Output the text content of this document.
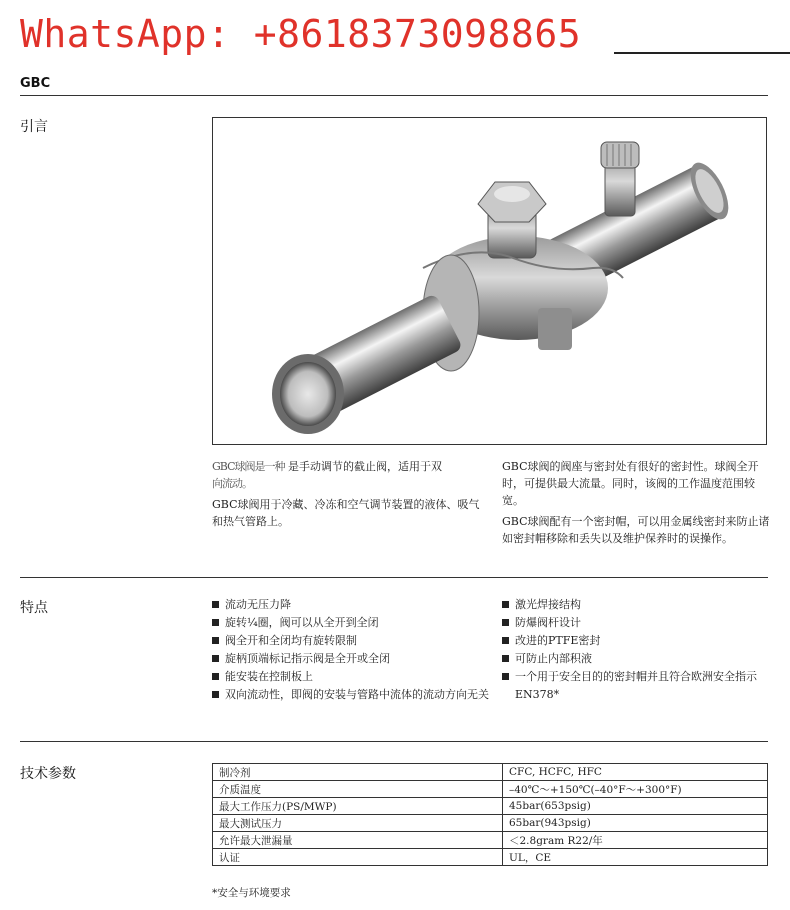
WhatsApp: +8618373098865
GBC
引言

GBC球阀是一种 是手动调节的截止阀，适用于双
向流动。

GBC球阀用于冷藏、冷冻和空气调节装置的液体、吸气和热气管路上。

GBC球阀的阀座与密封处有很好的密封性。球阀全开时，可提供最大流量。同时，该阀的工作温度范围较宽。

GBC球阀配有一个密封帽，可以用金属线密封来防止诸如密封帽移除和丢失以及维护保养时的误操作。

特点	流动无压力降
旋转¼圈，阀可以从全开到全闭
阀全开和全闭均有旋转限制
旋柄顶端标记指示阀是全开或全闭
能安装在控制板上
双向流动性，即阀的安装与管路中流体的流动方向无关
激光焊接结构
防爆阀杆设计
改进的PTFE密封
可防止内部积液
一个用于安全目的的密封帽并且符合欧洲安全指示EN378*
技术参数	制冷剂	CFC, HCFC, HFC
介质温度	–40℃～+150℃(–40°F～+300°F)
最大工作压力(PS/MWP)	45bar(653psig)
最大测试压力	65bar(943psig)
允许最大泄漏量	＜2.8gram R22/年
认证	UL，CE
*安全与环境要求
